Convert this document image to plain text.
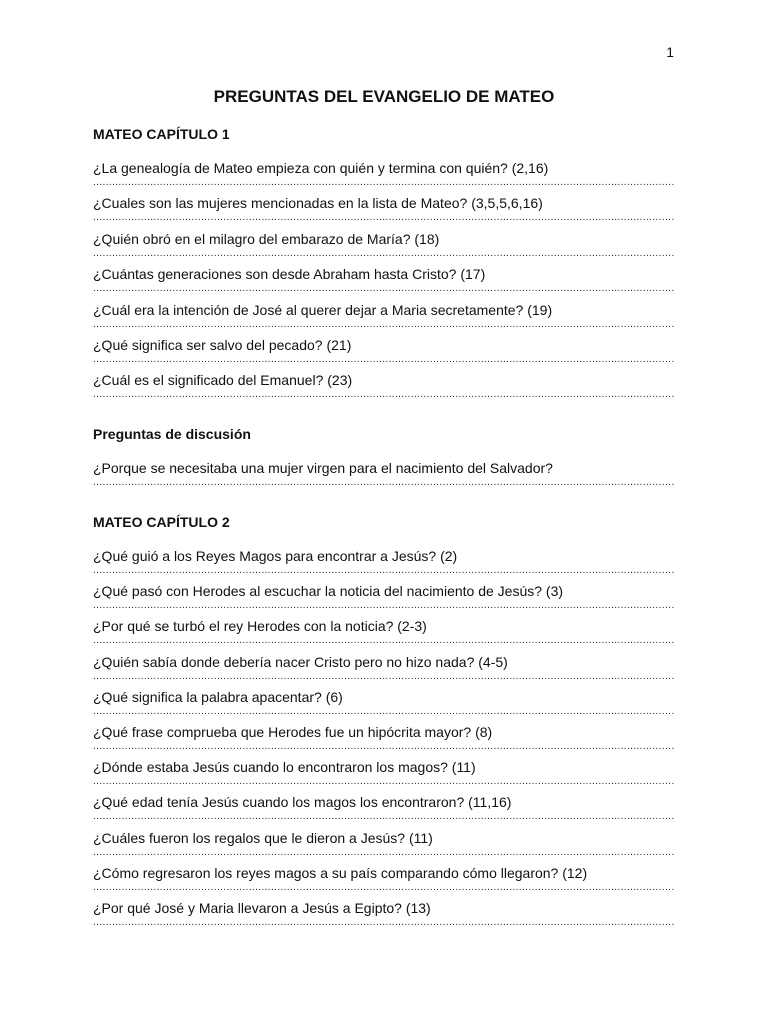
1
PREGUNTAS DEL EVANGELIO DE MATEO
MATEO CAPÍTULO 1
¿La genealogía de Mateo empieza con quién y termina con quién? (2,16)
.....
¿Cuales son las mujeres mencionadas en la lista de Mateo? (3,5,5,6,16)
.....
¿Quién obró en el milagro del embarazo de María? (18)
.....
¿Cuántas generaciones son desde Abraham hasta Cristo? (17)
.....
¿Cuál era la intención de José al querer dejar a Maria secretamente? (19)
.....
¿Qué significa ser salvo del pecado? (21)
.....
¿Cuál es el significado del Emanuel? (23)
.....
Preguntas de discusión
¿Porque se necesitaba una mujer virgen para el nacimiento del Salvador?
.....
MATEO CAPÍTULO 2
¿Qué guió a los Reyes Magos para encontrar a Jesús? (2)
.....
¿Qué pasó con Herodes al escuchar la noticia del nacimiento de Jesús? (3)
.....
¿Por qué se turbó el rey Herodes con la noticia? (2-3)
.....
¿Quién sabía donde debería nacer Cristo pero no hizo nada? (4-5)
.....
¿Qué significa la palabra apacentar? (6)
.....
¿Qué frase comprueba que Herodes fue un hipócrita mayor? (8)
.....
¿Dónde estaba Jesús cuando lo encontraron los magos? (11)
.....
¿Qué edad tenía Jesús cuando los magos los encontraron? (11,16)
.....
¿Cuáles fueron los regalos que le dieron a Jesús? (11)
.....
¿Cómo regresaron los reyes magos a su país comparando cómo llegaron? (12)
.....
¿Por qué José y Maria llevaron a Jesús a Egipto? (13)
.....
